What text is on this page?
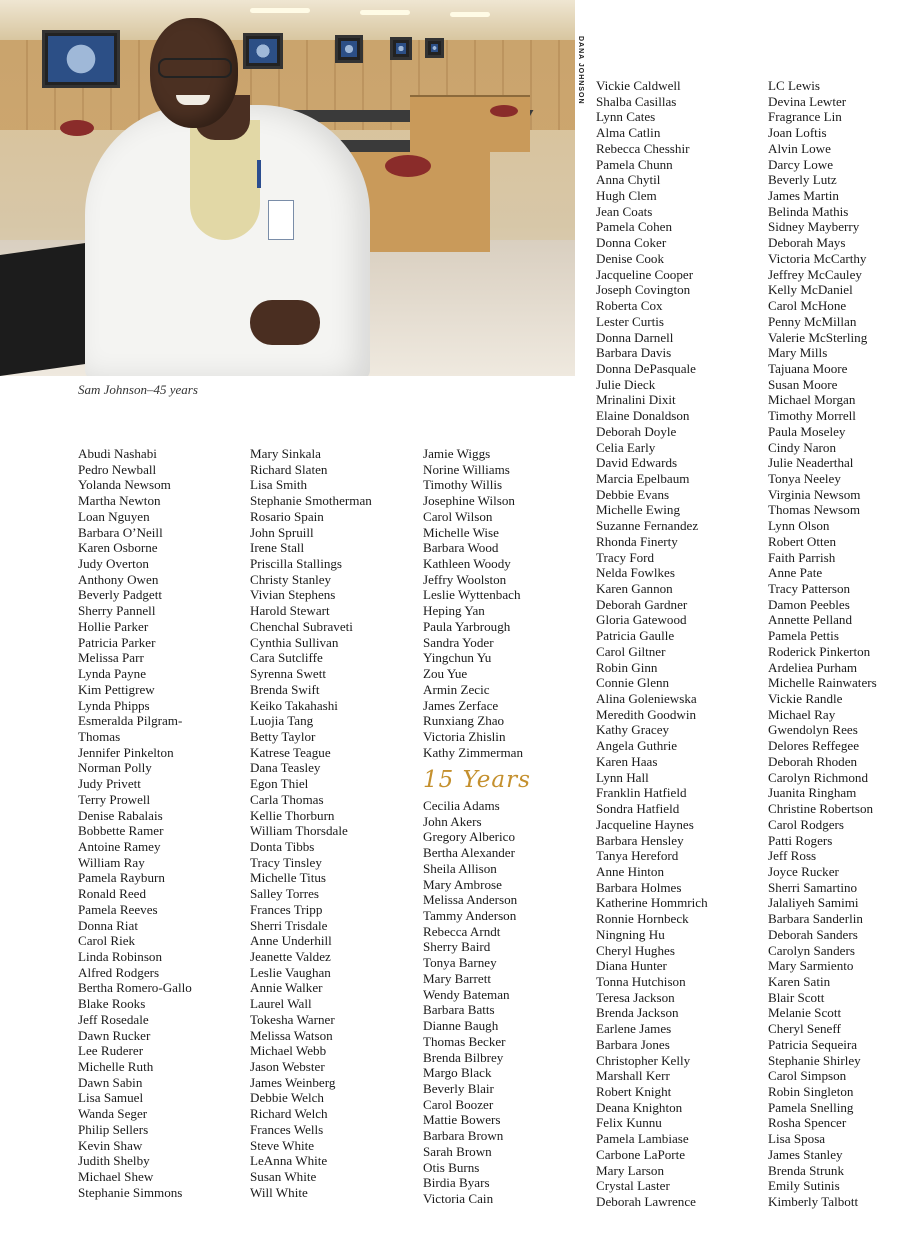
DANA JOHNSON
Sam Johnson–45 years
Abudi Nashabi
Pedro Newball
Yolanda Newsom
Martha Newton
Loan Nguyen
Barbara O’Neill
Karen Osborne
Judy Overton
Anthony Owen
Beverly Padgett
Sherry Pannell
Hollie Parker
Patricia Parker
Melissa Parr
Lynda Payne
Kim Pettigrew
Lynda Phipps
Esmeralda Pilgram-
Thomas
Jennifer Pinkelton
Norman Polly
Judy Privett
Terry Prowell
Denise Rabalais
Bobbette Ramer
Antoine Ramey
William Ray
Pamela Rayburn
Ronald Reed
Pamela Reeves
Donna Riat
Carol Riek
Linda Robinson
Alfred Rodgers
Bertha Romero-Gallo
Blake Rooks
Jeff Rosedale
Dawn Rucker
Lee Ruderer
Michelle Ruth
Dawn Sabin
Lisa Samuel
Wanda Seger
Philip Sellers
Kevin Shaw
Judith Shelby
Michael Shew
Stephanie Simmons
Mary Sinkala
Richard Slaten
Lisa Smith
Stephanie Smotherman
Rosario Spain
John Spruill
Irene Stall
Priscilla Stallings
Christy Stanley
Vivian Stephens
Harold Stewart
Chenchal Subraveti
Cynthia Sullivan
Cara Sutcliffe
Syrenna Swett
Brenda Swift
Keiko Takahashi
Luojia Tang
Betty Taylor
Katrese Teague
Dana Teasley
Egon Thiel
Carla Thomas
Kellie Thorburn
William Thorsdale
Donta Tibbs
Tracy Tinsley
Michelle Titus
Salley Torres
Frances Tripp
Sherri Trisdale
Anne Underhill
Jeanette Valdez
Leslie Vaughan
Annie Walker
Laurel Wall
Tokesha Warner
Melissa Watson
Michael Webb
Jason Webster
James Weinberg
Debbie Welch
Richard Welch
Frances Wells
Steve White
LeAnna White
Susan White
Will White
Jamie Wiggs
Norine Williams
Timothy Willis
Josephine Wilson
Carol Wilson
Michelle Wise
Barbara Wood
Kathleen Woody
Jeffry Woolston
Leslie Wyttenbach
Heping Yan
Paula Yarbrough
Sandra Yoder
Yingchun Yu
Zou Yue
Armin Zecic
James Zerface
Runxiang Zhao
Victoria Zhislin
Kathy Zimmerman
15 Years
Cecilia Adams
John Akers
Gregory Alberico
Bertha Alexander
Sheila Allison
Mary Ambrose
Melissa Anderson
Tammy Anderson
Rebecca Arndt
Sherry Baird
Tonya Barney
Mary Barrett
Wendy Bateman
Barbara Batts
Dianne Baugh
Thomas Becker
Brenda Bilbrey
Margo Black
Beverly Blair
Carol Boozer
Mattie Bowers
Barbara Brown
Sarah Brown
Otis Burns
Birdia Byars
Victoria Cain
Vickie Caldwell
Shalba Casillas
Lynn Cates
Alma Catlin
Rebecca Chesshir
Pamela Chunn
Anna Chytil
Hugh Clem
Jean Coats
Pamela Cohen
Donna Coker
Denise Cook
Jacqueline Cooper
Joseph Covington
Roberta Cox
Lester Curtis
Donna Darnell
Barbara Davis
Donna DePasquale
Julie Dieck
Mrinalini Dixit
Elaine Donaldson
Deborah Doyle
Celia Early
David Edwards
Marcia Epelbaum
Debbie Evans
Michelle Ewing
Suzanne Fernandez
Rhonda Finerty
Tracy Ford
Nelda Fowlkes
Karen Gannon
Deborah Gardner
Gloria Gatewood
Patricia Gaulle
Carol Giltner
Robin Ginn
Connie Glenn
Alina Goleniewska
Meredith Goodwin
Kathy Gracey
Angela Guthrie
Karen Haas
Lynn Hall
Franklin Hatfield
Sondra Hatfield
Jacqueline Haynes
Barbara Hensley
Tanya Hereford
Anne Hinton
Barbara Holmes
Katherine Hommrich
Ronnie Hornbeck
Ningning Hu
Cheryl Hughes
Diana Hunter
Tonna Hutchison
Teresa Jackson
Brenda Jackson
Earlene James
Barbara Jones
Christopher Kelly
Marshall Kerr
Robert Knight
Deana Knighton
Felix Kunnu
Pamela Lambiase
Carbone LaPorte
Mary Larson
Crystal Laster
Deborah Lawrence
LC Lewis
Devina Lewter
Fragrance Lin
Joan Loftis
Alvin Lowe
Darcy Lowe
Beverly Lutz
James Martin
Belinda Mathis
Sidney Mayberry
Deborah Mays
Victoria McCarthy
Jeffrey McCauley
Kelly McDaniel
Carol McHone
Penny McMillan
Valerie McSterling
Mary Mills
Tajuana Moore
Susan Moore
Michael Morgan
Timothy Morrell
Paula Moseley
Cindy Naron
Julie Neaderthal
Tonya Neeley
Virginia Newsom
Thomas Newsom
Lynn Olson
Robert Otten
Faith Parrish
Anne Pate
Tracy Patterson
Damon Peebles
Annette Pelland
Pamela Pettis
Roderick Pinkerton
Ardeliea Purham
Michelle Rainwaters
Vickie Randle
Michael Ray
Gwendolyn Rees
Delores Reffegee
Deborah Rhoden
Carolyn Richmond
Juanita Ringham
Christine Robertson
Carol Rodgers
Patti Rogers
Jeff Ross
Joyce Rucker
Sherri Samartino
Jalaliyeh Samimi
Barbara Sanderlin
Deborah Sanders
Carolyn Sanders
Mary Sarmiento
Karen Satin
Blair Scott
Melanie Scott
Cheryl Seneff
Patricia Sequeira
Stephanie Shirley
Carol Simpson
Robin Singleton
Pamela Snelling
Rosha Spencer
Lisa Sposa
James Stanley
Brenda Strunk
Emily Sutinis
Kimberly Talbott
